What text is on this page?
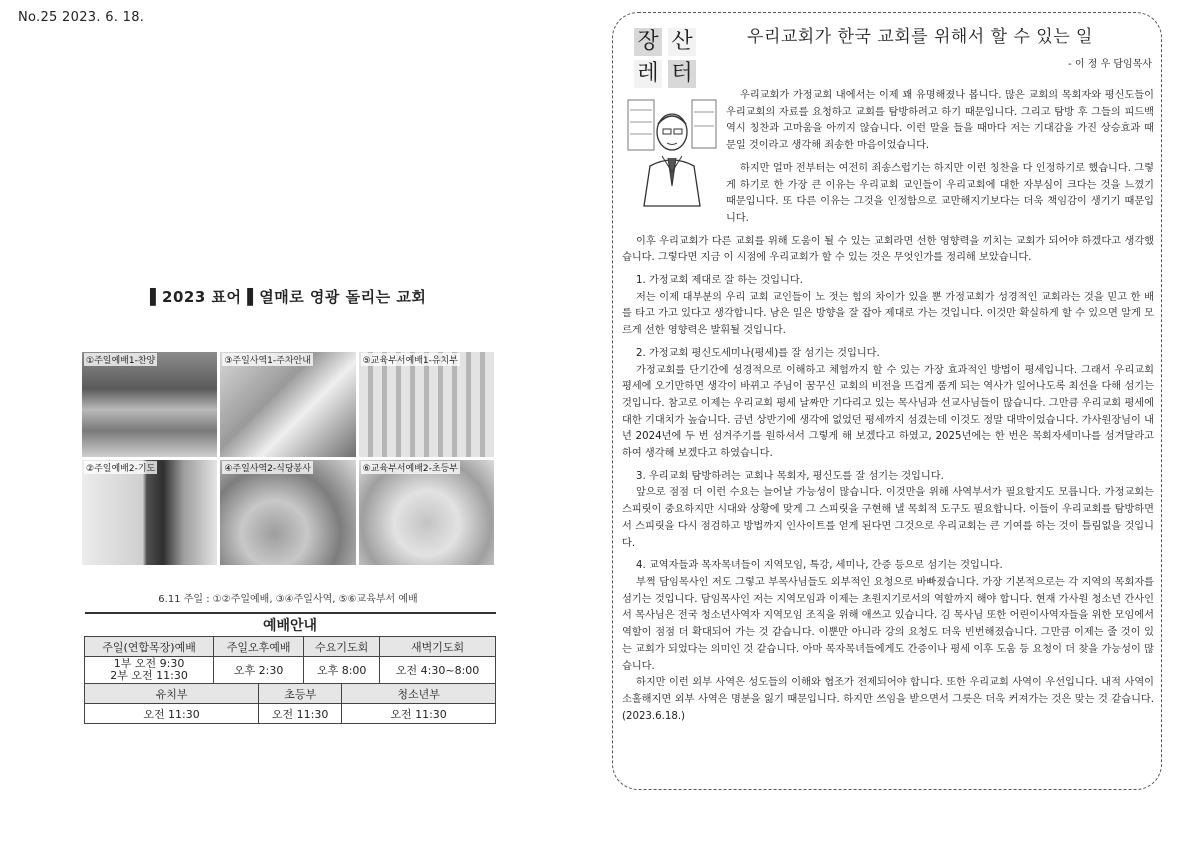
No.25 2023. 6. 18.
▌2023 표어▐ 열매로 영광 돌리는 교회
①주일예배1-찬양	③주일사역1-주차안내	⑤교육부서예배1-유치부
②주일예배2-기도	④주일사역2-식당봉사	⑥교육부서예배2-초등부
6.11 주일 : ①②주일예배, ③④주일사역, ⑤⑥교육부서 예배
예배안내					
주일(연합목장)예배	주일오후예배		수요기도회		새벽기도회
1부 오전 9:30
2부 오전 11:30	오후 2:30		오후 8:00		오전 4:30~8:00
유치부		초등부		청소년부	
오전 11:30		오전 11:30		오전 11:30	
장 산
레 터
우리교회가 한국 교회를 위해서 할 수 있는 일
- 이 정 우 담임목사

우리교회가 가정교회 내에서는 이제 꽤 유명해졌나 봅니다. 많은 교회의 목회자와 평신도들이 우리교회의 자료를 요청하고 교회를 탐방하려고 하기 때문입니다. 그리고 탐방 후 그들의 피드백 역시 칭찬과 고마움을 아끼지 않습니다. 이런 말을 들을 때마다 저는 기대감을 가진 상승효과 때문일 것이라고 생각해 죄송한 마음이었습니다.

하지만 얼마 전부터는 여전히 죄송스럽기는 하지만 이런 칭찬을 다 인정하기로 했습니다. 그렇게 하기로 한 가장 큰 이유는 우리교회 교인들이 우리교회에 대한 자부심이 크다는 것을 느꼈기 때문입니다. 또 다른 이유는 그것을 인정함으로 교만해지기보다는 더욱 책임감이 생기기 때문입니다.

이후 우리교회가 다른 교회를 위해 도움이 될 수 있는 교회라면 선한 영향력을 끼치는 교회가 되어야 하겠다고 생각했습니다. 그렇다면 지금 이 시점에 우리교회가 할 수 있는 것은 무엇인가를 정리해 보았습니다.

1. 가정교회 제대로 잘 하는 것입니다.

저는 이제 대부분의 우리 교회 교인들이 노 젓는 힘의 차이가 있을 뿐 가정교회가 성경적인 교회라는 것을 믿고 한 배를 타고 가고 있다고 생각합니다. 남은 일은 방향을 잘 잡아 제대로 가는 것입니다. 이것만 확실하게 할 수 있으면 알게 모르게 선한 영향력은 발휘될 것입니다.

2. 가정교회 평신도세미나(평세)를 잘 섬기는 것입니다.

가정교회를 단기간에 성경적으로 이해하고 체험까지 할 수 있는 가장 효과적인 방법이 평세입니다. 그래서 우리교회 평세에 오기만하면 생각이 바뀌고 주님이 꿈꾸신 교회의 비전을 뜨겁게 품게 되는 역사가 일어나도록 최선을 다해 섬기는 것입니다. 참고로 이제는 우리교회 평세 날짜만 기다리고 있는 목사님과 선교사님들이 많습니다. 그만큼 우리교회 평세에 대한 기대치가 높습니다. 금년 상반기에 생각에 없었던 평세까지 섬겼는데 이것도 정말 대박이었습니다. 가사원장님이 내년 2024년에 두 번 섬겨주기를 원하셔서 그렇게 해 보겠다고 하였고, 2025년에는 한 번은 목회자세미나를 섬겨달라고 하여 생각해 보겠다고 하였습니다.

3. 우리교회 탐방하려는 교회나 목회자, 평신도를 잘 섬기는 것입니다.

앞으로 점점 더 이런 수요는 늘어날 가능성이 많습니다. 이것만을 위해 사역부서가 필요할지도 모릅니다. 가정교회는 스피릿이 중요하지만 시대와 상황에 맞게 그 스피릿을 구현해 낼 목회적 도구도 필요합니다. 이들이 우리교회를 탐방하면서 스피릿을 다시 점검하고 방법까지 인사이트를 얻게 된다면 그것으로 우리교회는 큰 기여를 하는 것이 틀림없을 것입니다.

4. 교역자들과 목자목녀들이 지역모임, 특강, 세미나, 간증 등으로 섬기는 것입니다.

부쩍 담임목사인 저도 그렇고 부목사님들도 외부적인 요청으로 바빠졌습니다. 가장 기본적으로는 각 지역의 목회자를 섬기는 것입니다. 담임목사인 저는 지역모임과 이제는 초원지기로서의 역할까지 해야 합니다. 현재 가사원 청소년 간사인 서 목사님은 전국 청소년사역자 지역모임 조직을 위해 애쓰고 있습니다. 김 목사님 또한 어린이사역자들을 위한 모임에서 역할이 점점 더 확대되어 가는 것 같습니다. 이뿐만 아니라 강의 요청도 더욱 빈번해졌습니다. 그만큼 이제는 줄 것이 있는 교회가 되었다는 의미인 것 같습니다. 아마 목자목녀들에게도 간증이나 평세 이후 도움 등 요청이 더 찾을 가능성이 많습니다.

하지만 이런 외부 사역은 성도들의 이해와 협조가 전제되어야 합니다. 또한 우리교회 사역이 우선입니다. 내적 사역이 소홀해지면 외부 사역은 명분을 잃기 때문입니다. 하지만 쓰임을 받으면서 그릇은 더욱 커져가는 것은 맞는 것 같습니다.(2023.6.18.)
